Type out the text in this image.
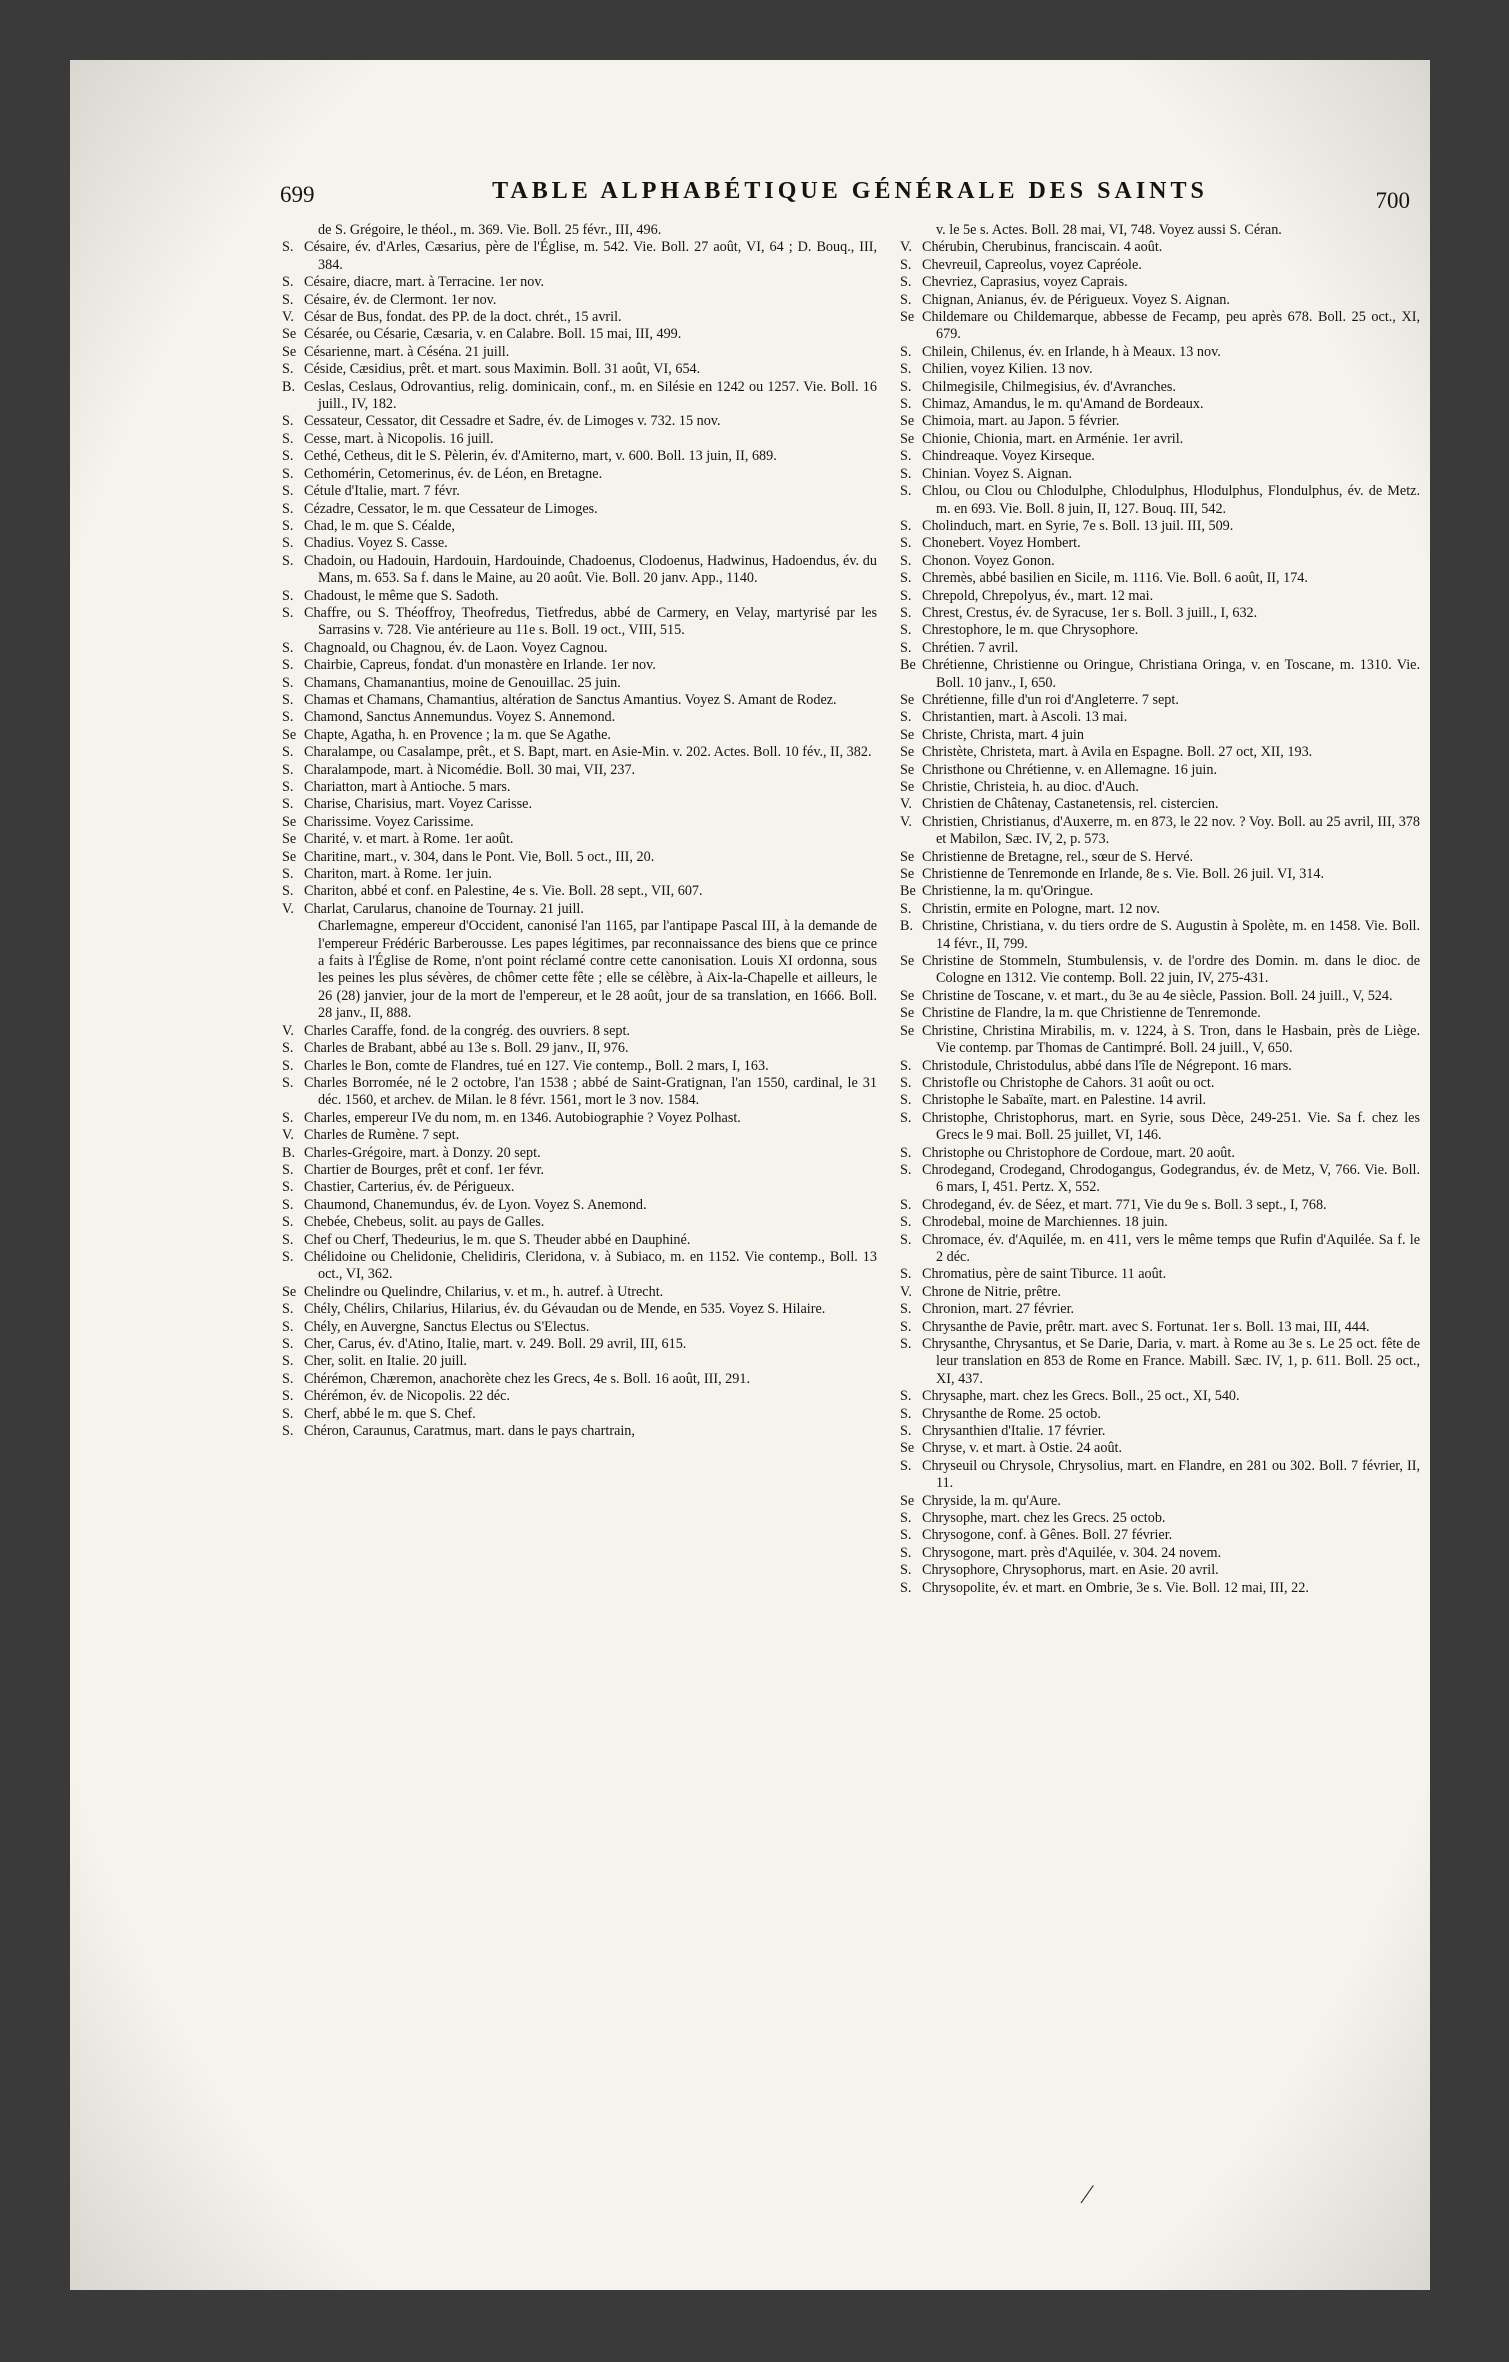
699	TABLE ALPHABÉTIQUE GÉNÉRALE DES SAINTS	700
de S. Grégoire, le théol., m. 369. Vie. Boll. 25 févr., III, 496.
S. Césaire, év. d'Arles, Cæsarius, père de l'Église, m. 542. Vie. Boll. 27 août, VI, 64 ; D. Bouq., III, 384.
S. Césaire, diacre, mart. à Terracine. 1er nov.
S. Césaire, év. de Clermont. 1er nov.
V. César de Bus, fondat. des PP. de la doct. chrét., 15 avril.
Se Césarée, ou Césarie, Cæsaria, v. en Calabre. Boll. 15 mai, III, 499.
Se Césarienne, mart. à Céséna. 21 juill.
S. Céside, Cæsidius, prêt. et mart. sous Maximin. Boll. 31 août, VI, 654.
B. Ceslas, Ceslaus, Odrovantius, relig. dominicain, conf., m. en Silésie en 1242 ou 1257. Vie. Boll. 16 juill., IV, 182.
S. Cessateur, Cessator, dit Cessadre et Sadre, év. de Limoges v. 732. 15 nov.
S. Cesse, mart. à Nicopolis. 16 juill.
S. Cethé, Cetheus, dit le S. Pèlerin, év. d'Amiterno, mart, v. 600. Boll. 13 juin, II, 689.
S. Cethomérin, Cetomerinus, év. de Léon, en Bretagne.
S. Cétule d'Italie, mart. 7 févr.
S. Cézadre, Cessator, le m. que Cessateur de Limoges.
S. Chad, le m. que S. Céalde,
S. Chadius. Voyez S. Casse.
S. Chadoin, ou Hadouin, Hardouin, Hardouinde, Chadoenus, Clodoenus, Hadwinus, Hadoendus, év. du Mans, m. 653. Sa f. dans le Maine, au 20 août. Vie. Boll. 20 janv. App., 1140.
S. Chadoust, le même que S. Sadoth.
S. Chaffre, ou S. Théoffroy, Theofredus, Tietfredus, abbé de Carmery, en Velay, martyrisé par les Sarrasins v. 728. Vie antérieure au 11e s. Boll. 19 oct., VIII, 515.
S. Chagnoald, ou Chagnou, év. de Laon. Voyez Cagnou.
S. Chairbie, Capreus, fondat. d'un monastère en Irlande. 1er nov.
S. Chamans, Chamanantius, moine de Genouillac. 25 juin.
S. Chamas et Chamans, Chamantius, altération de Sanctus Amantius. Voyez S. Amant de Rodez.
S. Chamond, Sanctus Annemundus. Voyez S. Annemond.
Se Chapte, Agatha, h. en Provence ; la m. que Se Agathe.
S. Charalampe, ou Casalampe, prêt., et S. Bapt, mart. en Asie-Min. v. 202. Actes. Boll. 10 fév., II, 382.
S. Charalampode, mart. à Nicomédie. Boll. 30 mai, VII, 237.
S. Chariatton, mart à Antioche. 5 mars.
S. Charise, Charisius, mart. Voyez Carisse.
Se Charissime. Voyez Carissime.
Se Charité, v. et mart. à Rome. 1er août.
Se Charitine, mart., v. 304, dans le Pont. Vie, Boll. 5 oct., III, 20.
S. Chariton, mart. à Rome. 1er juin.
S. Chariton, abbé et conf. en Palestine, 4e s. Vie. Boll. 28 sept., VII, 607.
V. Charlat, Carularus, chanoine de Tournay. 21 juill.
Charlemagne, empereur d'Occident, canonisé l'an 1165, par l'antipape Pascal III, à la demande de l'empereur Frédéric Barberousse. Les papes légitimes, par reconnaissance des biens que ce prince a faits à l'Église de Rome, n'ont point réclamé contre cette canonisation. Louis XI ordonna, sous les peines les plus sévères, de chômer cette fête ; elle se célèbre, à Aix-la-Chapelle et ailleurs, le 26 (28) janvier, jour de la mort de l'empereur, et le 28 août, jour de sa translation, en 1666. Boll. 28 janv., II, 888.
V. Charles Caraffe, fond. de la congrég. des ouvriers. 8 sept.
S. Charles de Brabant, abbé au 13e s. Boll. 29 janv., II, 976.
S. Charles le Bon, comte de Flandres, tué en 127. Vie contemp., Boll. 2 mars, I, 163.
S. Charles Borromée, né le 2 octobre, l'an 1538 ; abbé de Saint-Gratignan, l'an 1550, cardinal, le 31 déc. 1560, et archev. de Milan. le 8 févr. 1561, mort le 3 nov. 1584.
S. Charles, empereur IVe du nom, m. en 1346. Autobiographie ? Voyez Polhast.
V. Charles de Rumène. 7 sept.
B. Charles-Grégoire, mart. à Donzy. 20 sept.
S. Chartier de Bourges, prêt et conf. 1er févr.
S. Chastier, Carterius, év. de Périgueux.
S. Chaumond, Chanemundus, év. de Lyon. Voyez S. Anemond.
S. Chebée, Chebeus, solit. au pays de Galles.
S. Chef ou Cherf, Thedeurius, le m. que S. Theuder abbé en Dauphiné.
S. Chélidoine ou Chelidonie, Chelidiris, Cleridona, v. à Subiaco, m. en 1152. Vie contemp., Boll. 13 oct., VI, 362.
Se Chelindre ou Quelindre, Chilarius, v. et m., h. autref. à Utrecht.
S. Chély, Chélirs, Chilarius, Hilarius, év. du Gévaudan ou de Mende, en 535. Voyez S. Hilaire.
S. Chély, en Auvergne, Sanctus Electus ou S'Electus.
S. Cher, Carus, év. d'Atino, Italie, mart. v. 249. Boll. 29 avril, III, 615.
S. Cher, solit. en Italie. 20 juill.
S. Chérémon, Chæremon, anachorète chez les Grecs, 4e s. Boll. 16 août, III, 291.
S. Chérémon, év. de Nicopolis. 22 déc.
S. Cherf, abbé le m. que S. Chef.
S. Chéron, Caraunus, Caratmus, mart. dans le pays chartrain,
v. le 5e s. Actes. Boll. 28 mai, VI, 748. Voyez aussi S. Céran.
V. Chérubin, Cherubinus, franciscain. 4 août.
S. Chevreuil, Capreolus, voyez Capréole.
S. Chevriez, Caprasius, voyez Caprais.
S. Chignan, Anianus, év. de Périgueux. Voyez S. Aignan.
Se Childemare ou Childemarque, abbesse de Fecamp, peu après 678. Boll. 25 oct., XI, 679.
S. Chilein, Chilenus, év. en Irlande, h à Meaux. 13 nov.
S. Chilien, voyez Kilien. 13 nov.
S. Chilmegisile, Chilmegisius, év. d'Avranches.
S. Chimaz, Amandus, le m. qu'Amand de Bordeaux.
Se Chimoia, mart. au Japon. 5 février.
Se Chionie, Chionia, mart. en Arménie. 1er avril.
S. Chindreaque. Voyez Kirseque.
S. Chinian. Voyez S. Aignan.
S. Chlou, ou Clou ou Chlodulphe, Chlodulphus, Hlodulphus, Flondulphus, év. de Metz. m. en 693. Vie. Boll. 8 juin, II, 127. Bouq. III, 542.
S. Cholinduch, mart. en Syrie, 7e s. Boll. 13 juil. III, 509.
S. Chonebert. Voyez Hombert.
S. Chonon. Voyez Gonon.
S. Chremès, abbé basilien en Sicile, m. 1116. Vie. Boll. 6 août, II, 174.
S. Chrepold, Chrepolyus, év., mart. 12 mai.
S. Chrest, Crestus, év. de Syracuse, 1er s. Boll. 3 juill., I, 632.
S. Chrestophore, le m. que Chrysophore.
S. Chrétien. 7 avril.
Be Chrétienne, Christienne ou Oringue, Christiana Oringa, v. en Toscane, m. 1310. Vie. Boll. 10 janv., I, 650.
Se Chrétienne, fille d'un roi d'Angleterre. 7 sept.
S. Christantien, mart. à Ascoli. 13 mai.
Se Christe, Christa, mart. 4 juin
Se Christète, Christeta, mart. à Avila en Espagne. Boll. 27 oct, XII, 193.
Se Christhone ou Chrétienne, v. en Allemagne. 16 juin.
Se Christie, Christeia, h. au dioc. d'Auch.
V. Christien de Châtenay, Castanetensis, rel. cistercien.
V. Christien, Christianus, d'Auxerre, m. en 873, le 22 nov. ? Voy. Boll. au 25 avril, III, 378 et Mabilon, Sæc. IV, 2, p. 573.
Se Christienne de Bretagne, rel., sœur de S. Hervé.
Se Christienne de Tenremonde en Irlande, 8e s. Vie. Boll. 26 juil. VI, 314.
Be Christienne, la m. qu'Oringue.
S. Christin, ermite en Pologne, mart. 12 nov.
B. Christine, Christiana, v. du tiers ordre de S. Augustin à Spolète, m. en 1458. Vie. Boll. 14 févr., II, 799.
Se Christine de Stommeln, Stumbulensis, v. de l'ordre des Domin. m. dans le dioc. de Cologne en 1312. Vie contemp. Boll. 22 juin, IV, 275-431.
Se Christine de Toscane, v. et mart., du 3e au 4e siècle, Passion. Boll. 24 juill., V, 524.
Se Christine de Flandre, la m. que Christienne de Tenremonde.
Se Christine, Christina Mirabilis, m. v. 1224, à S. Tron, dans le Hasbain, près de Liège. Vie contemp. par Thomas de Cantimpré. Boll. 24 juill., V, 650.
S. Christodule, Christodulus, abbé dans l'île de Négrepont. 16 mars.
S. Christofle ou Christophe de Cahors. 31 août ou oct.
S. Christophe le Sabaïte, mart. en Palestine. 14 avril.
S. Christophe, Christophorus, mart. en Syrie, sous Dèce, 249-251. Vie. Sa f. chez les Grecs le 9 mai. Boll. 25 juillet, VI, 146.
S. Christophe ou Christophore de Cordoue, mart. 20 août.
S. Chrodegand, Crodegand, Chrodogangus, Godegrandus, év. de Metz, V, 766. Vie. Boll. 6 mars, I, 451. Pertz. X, 552.
S. Chrodegand, év. de Séez, et mart. 771, Vie du 9e s. Boll. 3 sept., I, 768.
S. Chrodebal, moine de Marchiennes. 18 juin.
S. Chromace, év. d'Aquilée, m. en 411, vers le même temps que Rufin d'Aquilée. Sa f. le 2 déc.
S. Chromatius, père de saint Tiburce. 11 août.
V. Chrone de Nitrie, prêtre.
S. Chronion, mart. 27 février.
S. Chrysanthe de Pavie, prêtr. mart. avec S. Fortunat. 1er s. Boll. 13 mai, III, 444.
S. Chrysanthe, Chrysantus, et Se Darie, Daria, v. mart. à Rome au 3e s. Le 25 oct. fête de leur translation en 853 de Rome en France. Mabill. Sæc. IV, 1, p. 611. Boll. 25 oct., XI, 437.
S. Chrysaphe, mart. chez les Grecs. Boll., 25 oct., XI, 540.
S. Chrysanthe de Rome. 25 octob.
S. Chrysanthien d'Italie. 17 février.
Se Chryse, v. et mart. à Ostie. 24 août.
S. Chryseuil ou Chrysole, Chrysolius, mart. en Flandre, en 281 ou 302. Boll. 7 février, II, 11.
Se Chryside, la m. qu'Aure.
S. Chrysophe, mart. chez les Grecs. 25 octob.
S. Chrysogone, conf. à Gênes. Boll. 27 février.
S. Chrysogone, mart. près d'Aquilée, v. 304. 24 novem.
S. Chrysophore, Chrysophorus, mart. en Asie. 20 avril.
S. Chrysopolite, év. et mart. en Ombrie, 3e s. Vie. Boll. 12 mai, III, 22.
⁄
